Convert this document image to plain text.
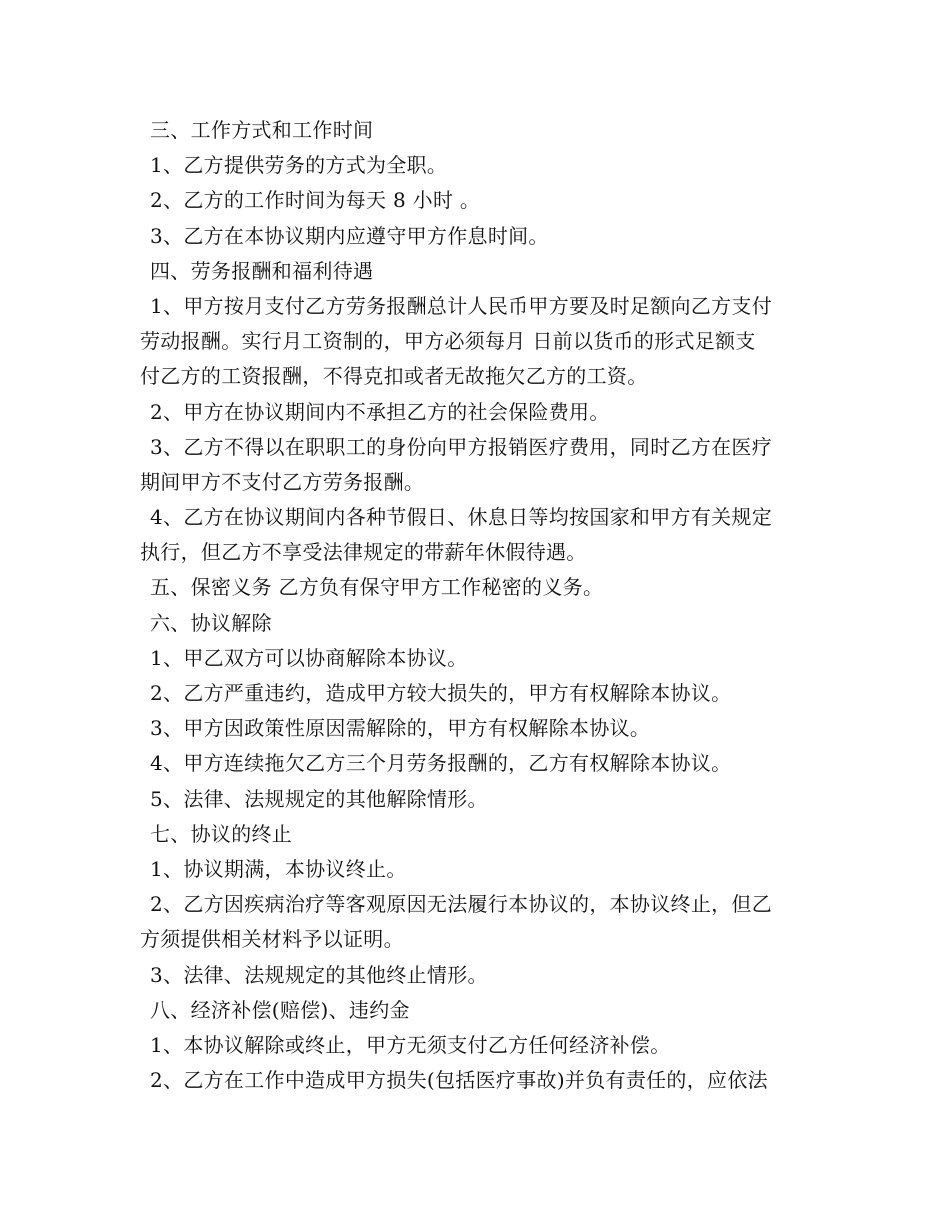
三、工作方式和工作时间
1、乙方提供劳务的方式为全职。
2、乙方的工作时间为每天 8 小时 。
3、乙方在本协议期内应遵守甲方作息时间。
四、劳务报酬和福利待遇
1、甲方按月支付乙方劳务报酬总计人民币甲方要及时足额向乙方支付
劳动报酬。实行月工资制的，甲方必须每月 日前以货币的形式足额支
付乙方的工资报酬，不得克扣或者无故拖欠乙方的工资。
2、甲方在协议期间内不承担乙方的社会保险费用。
3、乙方不得以在职职工的身份向甲方报销医疗费用，同时乙方在医疗
期间甲方不支付乙方劳务报酬。
4、乙方在协议期间内各种节假日、休息日等均按国家和甲方有关规定
执行，但乙方不享受法律规定的带薪年休假待遇。
五、保密义务 乙方负有保守甲方工作秘密的义务。
六、协议解除
1、甲乙双方可以协商解除本协议。
2、乙方严重违约，造成甲方较大损失的，甲方有权解除本协议。
3、甲方因政策性原因需解除的，甲方有权解除本协议。
4、甲方连续拖欠乙方三个月劳务报酬的，乙方有权解除本协议。
5、法律、法规规定的其他解除情形。
七、协议的终止
1、协议期满，本协议终止。
2、乙方因疾病治疗等客观原因无法履行本协议的，本协议终止，但乙
方须提供相关材料予以证明。
3、法律、法规规定的其他终止情形。
八、经济补偿(赔偿)、违约金
1、本协议解除或终止，甲方无须支付乙方任何经济补偿。
2、乙方在工作中造成甲方损失(包括医疗事故)并负有责任的，应依法
